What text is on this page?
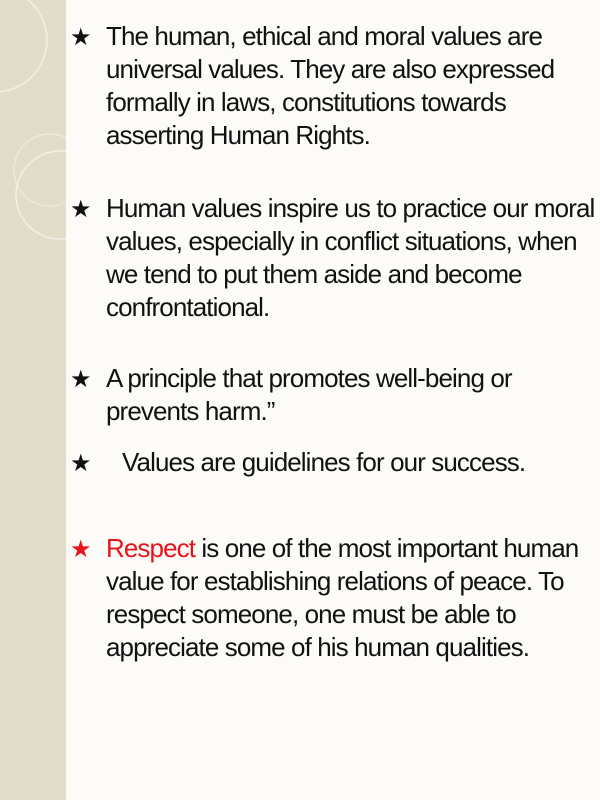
★ The human, ethical and moral values are universal values. They are also expressed formally in laws, constitutions towards asserting Human Rights.
★ Human values inspire us to practice our moral values, especially in conflict situations, when we tend to put them aside and become confrontational.
★ A principle that promotes well-being or prevents harm.”
★ Values are guidelines for our success.
★ Respect is one of the most important human value for establishing relations of peace. To respect someone, one must be able to appreciate some of his human qualities.
